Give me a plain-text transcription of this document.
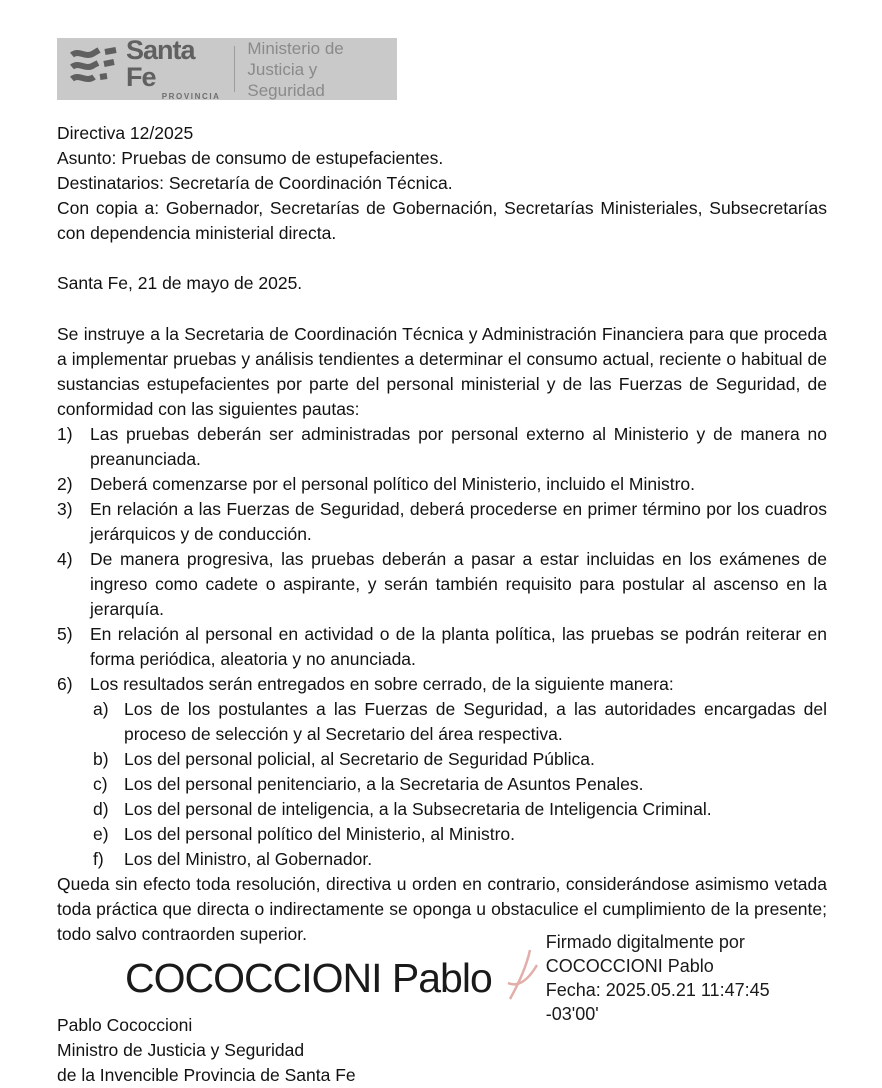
Santa Fe
PROVINCIA
Ministerio de
Justicia y Seguridad
Directiva 12/2025
Asunto: Pruebas de consumo de estupefacientes.
Destinatarios: Secretaría de Coordinación Técnica.
Con copia a: Gobernador, Secretarías de Gobernación, Secretarías Ministeriales, Subsecretarías con dependencia ministerial directa.
Santa Fe, 21 de mayo de 2025.
Se instruye a la Secretaria de Coordinación Técnica y Administración Financiera para que proceda a implementar pruebas y análisis tendientes a determinar el consumo actual, reciente o habitual de sustancias estupefacientes por parte del personal ministerial y de las Fuerzas de Seguridad, de conformidad con las siguientes pautas:
1) Las pruebas deberán ser administradas por personal externo al Ministerio y de manera no preanunciada.
2) Deberá comenzarse por el personal político del Ministerio, incluido el Ministro.
3) En relación a las Fuerzas de Seguridad, deberá procederse en primer término por los cuadros jerárquicos y de conducción.
4) De manera progresiva, las pruebas deberán a pasar a estar incluidas en los exámenes de ingreso como cadete o aspirante, y serán también requisito para postular al ascenso en la jerarquía.
5) En relación al personal en actividad o de la planta política, las pruebas se podrán reiterar en forma periódica, aleatoria y no anunciada.
6) Los resultados serán entregados en sobre cerrado, de la siguiente manera:
a) Los de los postulantes a las Fuerzas de Seguridad, a las autoridades encargadas del proceso de selección y al Secretario del área respectiva.
b) Los del personal policial, al Secretario de Seguridad Pública.
c) Los del personal penitenciario, a la Secretaria de Asuntos Penales.
d) Los del personal de inteligencia, a la Subsecretaria de Inteligencia Criminal.
e) Los del personal político del Ministerio, al Ministro.
f)	Los del Ministro, al Gobernador.
Queda sin efecto toda resolución, directiva u orden en contrario, considerándose asimismo vetada toda práctica que directa o indirectamente se oponga u obstaculice el cumplimiento de la presente; todo salvo contraorden superior.
COCOCCIONI Pablo
Firmado digitalmente por COCOCCIONI Pablo
Fecha: 2025.05.21 11:47:45 -03'00'
Pablo Cococcioni
Ministro de Justicia y Seguridad
de la Invencible Provincia de Santa Fe
